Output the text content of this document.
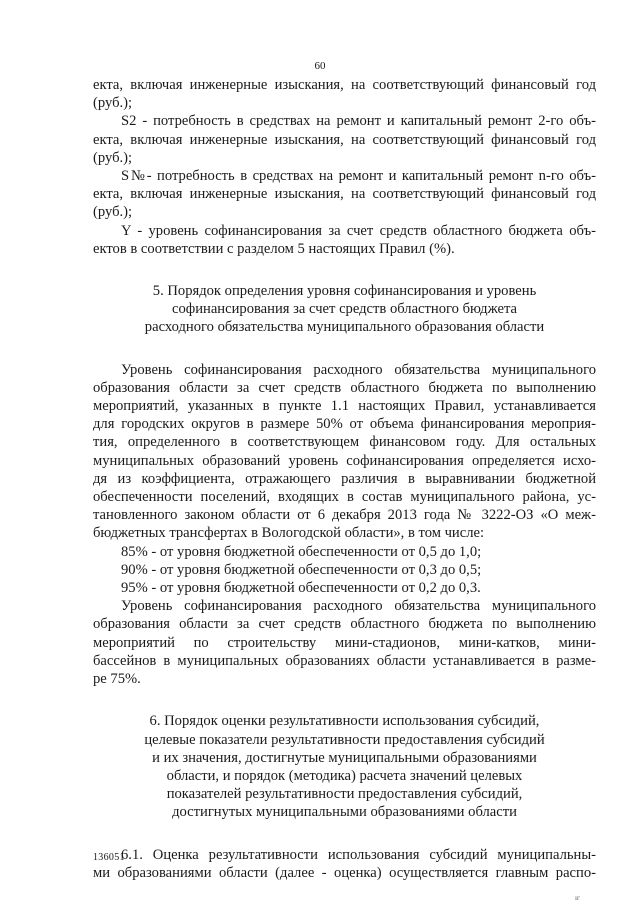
60

екта, включая инженерные изыскания, на соответствующий финансовый год

(руб.);

S2 - потребность в средствах на ремонт и капитальный ремонт 2-го объ-

екта, включая инженерные изыскания, на соответствующий финансовый год

(руб.);

S№- потребность в средствах на ремонт и капитальный ремонт n-го объ-

екта, включая инженерные изыскания, на соответствующий финансовый год

(руб.);

Y - уровень софинансирования за счет средств областного бюджета объ-

ектов в соответствии с разделом 5 настоящих Правил (%).

5. Порядок определения уровня софинансирования и уровень

софинансирования за счет средств областного бюджета

расходного обязательства муниципального образования области

Уровень софинансирования расходного обязательства муниципального

образования области за счет средств областного бюджета по выполнению

мероприятий, указанных в пункте 1.1 настоящих Правил, устанавливается

для городских округов в размере 50% от объема финансирования мероприя-

тия, определенного в соответствующем финансовом году. Для остальных

муниципальных образований уровень софинансирования определяется исхо-

дя из коэффициента, отражающего различия в выравнивании бюджетной

обеспеченности поселений, входящих в состав муниципального района, ус-

тановленного законом области от 6 декабря 2013 года № 3222-ОЗ «О меж-

бюджетных трансфертах в Вологодской области», в том числе:

85% - от уровня бюджетной обеспеченности от 0,5 до 1,0;

90% - от уровня бюджетной обеспеченности от 0,3 до 0,5;

95% - от уровня бюджетной обеспеченности от 0,2 до 0,3.

Уровень софинансирования расходного обязательства муниципального

образования области за счет средств областного бюджета по выполнению

мероприятий по строительству мини-стадионов, мини-катков, мини-

бассейнов в муниципальных образованиях области устанавливается в разме-

ре 75%.

6. Порядок оценки результативности использования субсидий,

целевые показатели результативности предоставления субсидий

и их значения, достигнутые муниципальными образованиями

области, и порядок (методика) расчета значений целевых

показателей результативности предоставления субсидий,

достигнутых муниципальными образованиями области

6.1. Оценка результативности использования субсидий муниципальны-

ми образованиями области (далее - оценка) осуществляется главным распо-

136051
ıг
